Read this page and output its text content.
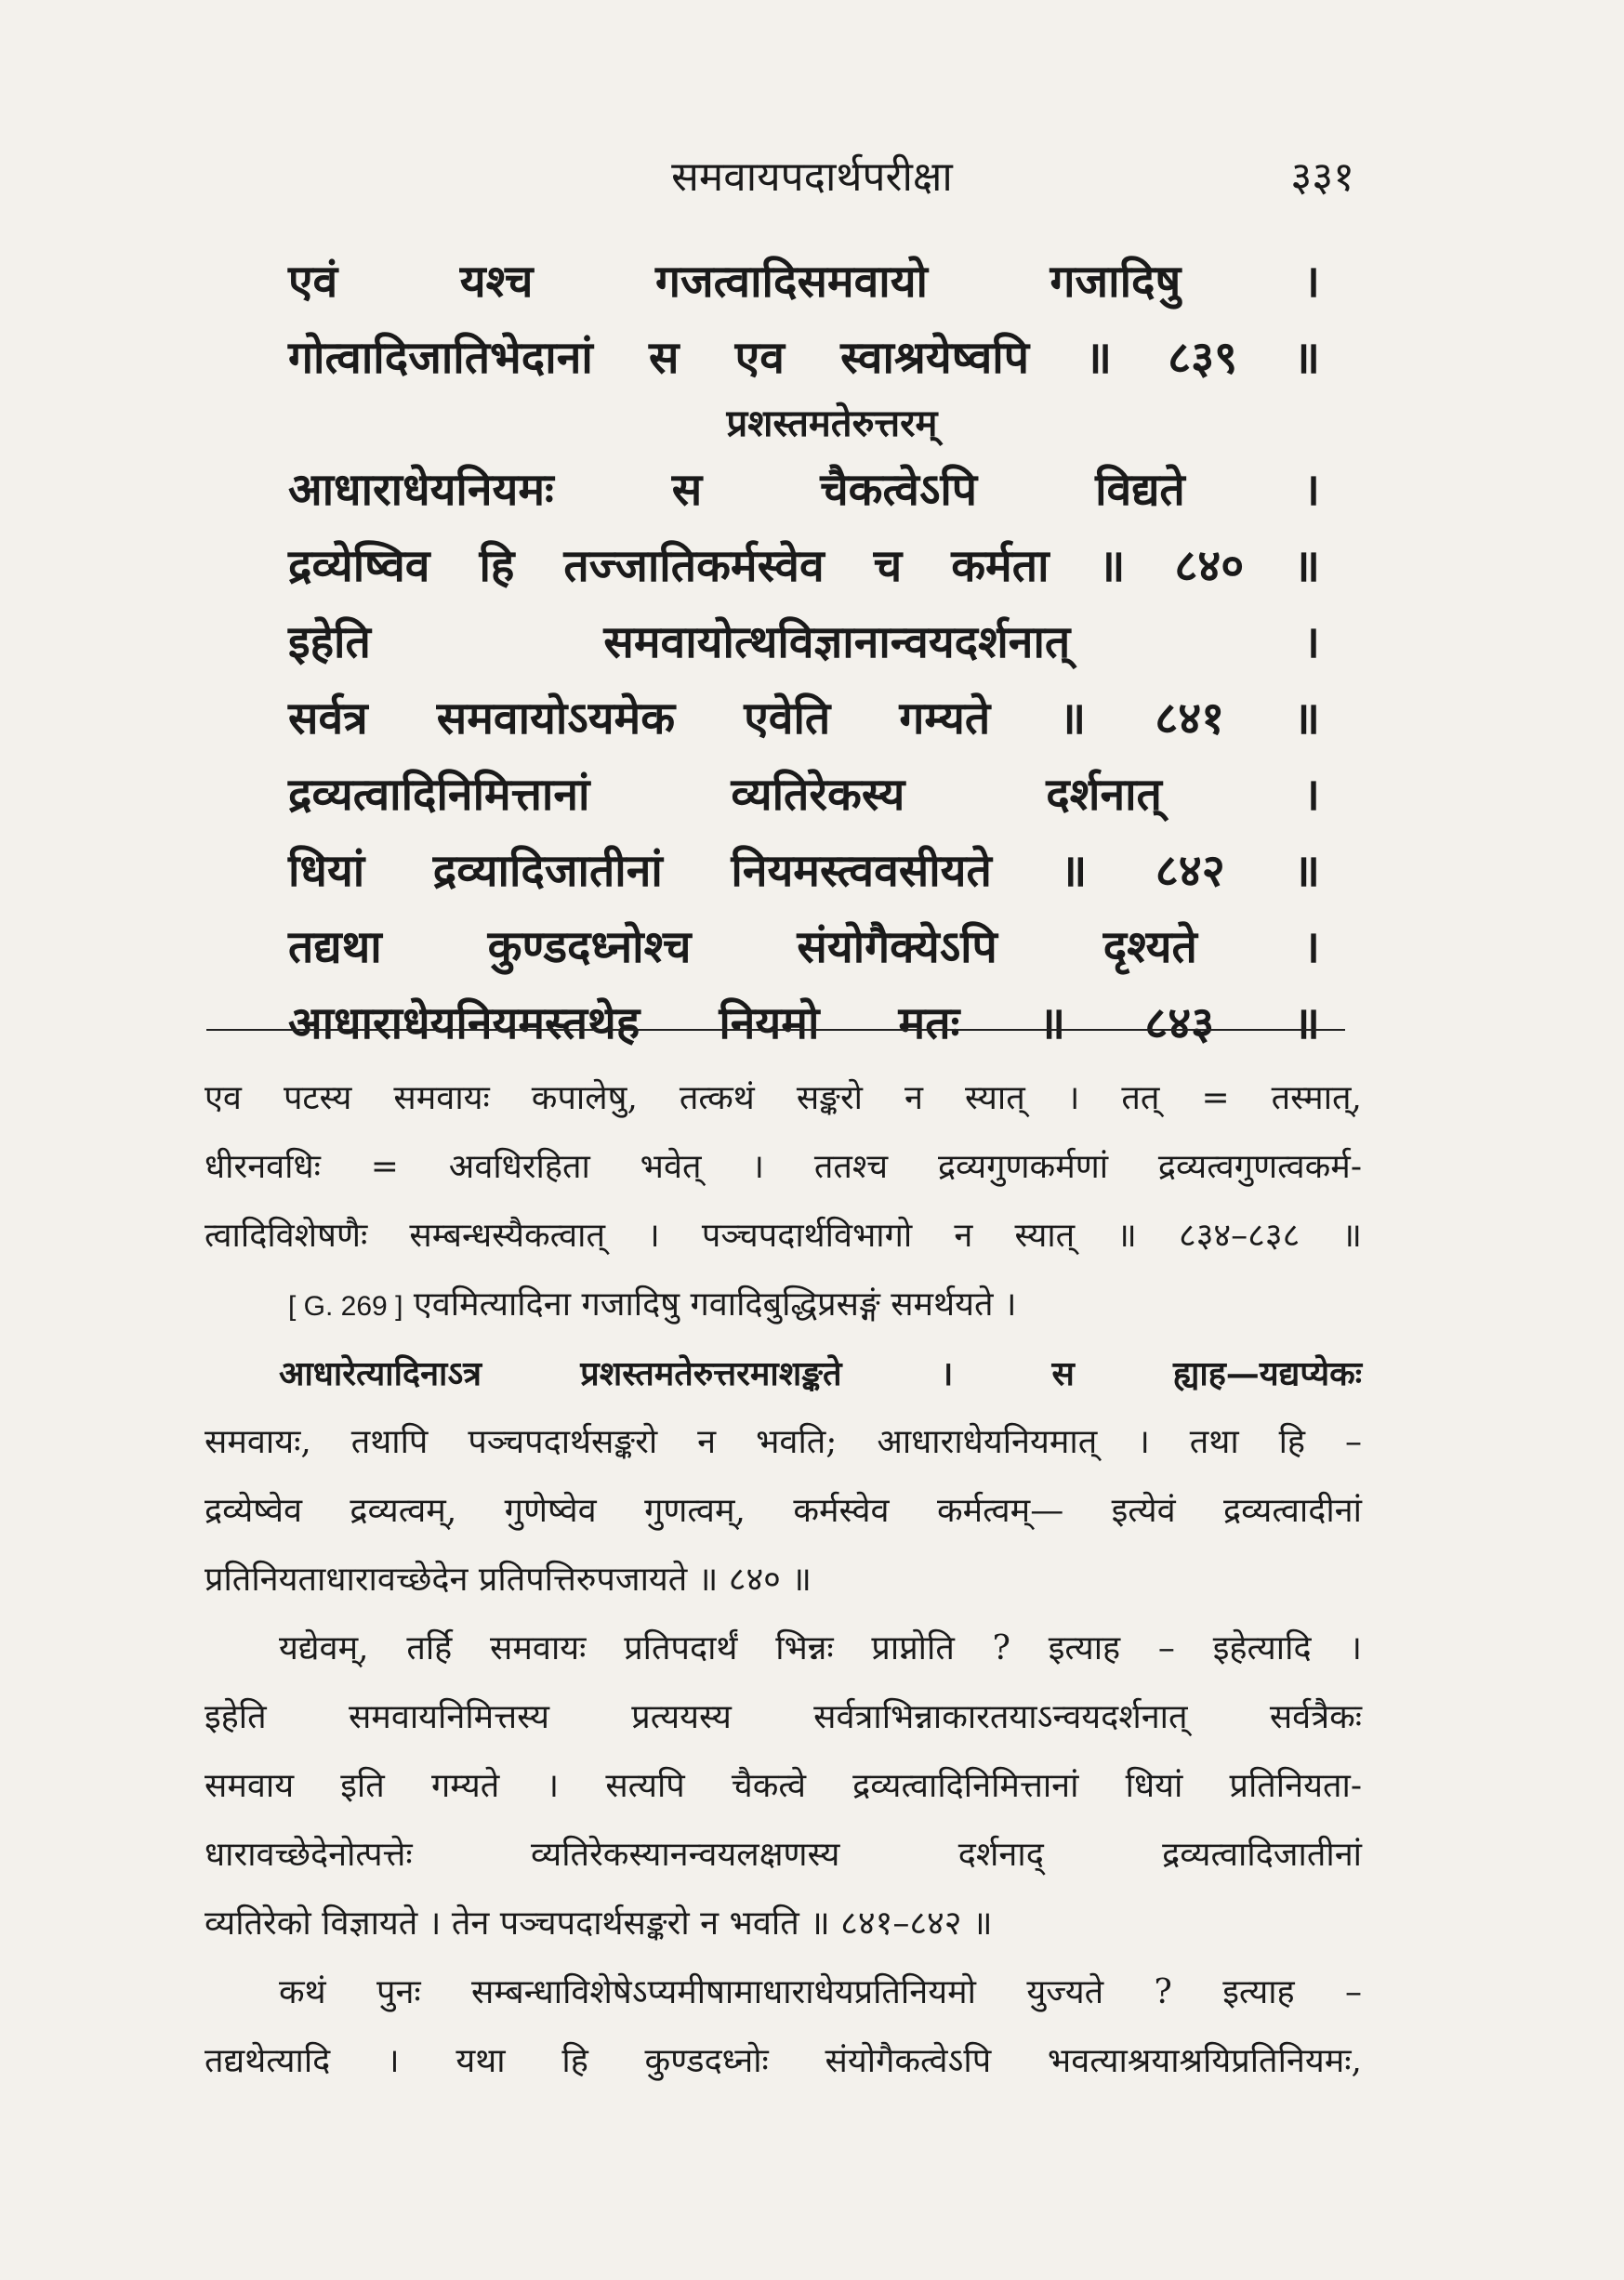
समवायपदार्थपरीक्षा	३३१
एवं यश्च गजत्वादिसमवायो गजादिषु ।
गोत्वादिजातिभेदानां स एव स्वाश्रयेष्वपि ॥ ८३९ ॥
प्रशस्तमतेरुत्तरम्
आधाराधेयनियमः स चैकत्वेऽपि विद्यते ।
द्रव्येष्विव हि तज्जातिकर्मस्वेव च कर्मता ॥ ८४० ॥
इहेति समवायोत्थविज्ञानान्वयदर्शनात् ।
सर्वत्र समवायोऽयमेक एवेति गम्यते ॥ ८४१ ॥
द्रव्यत्वादिनिमित्तानां व्यतिरेकस्य दर्शनात् ।
धियां द्रव्यादिजातीनां नियमस्त्ववसीयते ॥ ८४२ ॥
तद्यथा कुण्डदध्नोश्च संयोगैक्येऽपि दृश्यते ।
आधाराधेयनियमस्तथेह नियमो मतः ॥ ८४३ ॥
एव पटस्य समवायः कपालेषु, तत्कथं सङ्करो न स्यात् । तत् = तस्मात्,
धीरनवधिः = अवधिरहिता भवेत् । ततश्च द्रव्यगुणकर्मणां द्रव्यत्वगुणत्वकर्म-
त्वादिविशेषणैः सम्बन्धस्यैकत्वात् । पञ्चपदार्थविभागो न स्यात् ॥ ८३४–८३८ ॥
[ G. 269 ] एवमित्यादिना गजादिषु गवादिबुद्धिप्रसङ्गं समर्थयते ।
आधारेत्यादिनाऽत्र प्रशस्तमतेरुत्तरमाशङ्कते । स ह्याह—यद्यप्येकः
समवायः, तथापि पञ्चपदार्थसङ्करो न भवति; आधाराधेयनियमात् । तथा हि –
द्रव्येष्वेव द्रव्यत्वम्, गुणेष्वेव गुणत्वम्, कर्मस्वेव कर्मत्वम्— इत्येवं द्रव्यत्वादीनां
प्रतिनियताधारावच्छेदेन प्रतिपत्तिरुपजायते ॥ ८४० ॥
यद्येवम्, तर्हि समवायः प्रतिपदार्थं भिन्नः प्राप्नोति ? इत्याह – इहेत्यादि ।
इहेति समवायनिमित्तस्य प्रत्ययस्य सर्वत्राभिन्नाकारतयाऽन्वयदर्शनात् सर्वत्रैकः
समवाय इति गम्यते । सत्यपि चैकत्वे द्रव्यत्वादिनिमित्तानां धियां प्रतिनियता-
धारावच्छेदेनोत्पत्तेः व्यतिरेकस्यानन्वयलक्षणस्य दर्शनाद् द्रव्यत्वादिजातीनां
व्यतिरेको विज्ञायते । तेन पञ्चपदार्थसङ्करो न भवति ॥ ८४१–८४२ ॥
कथं पुनः सम्बन्धाविशेषेऽप्यमीषामाधाराधेयप्रतिनियमो युज्यते ? इत्याह –
तद्यथेत्यादि । यथा हि कुण्डदध्नोः संयोगैकत्वेऽपि भवत्याश्रयाश्रयिप्रतिनियमः,
